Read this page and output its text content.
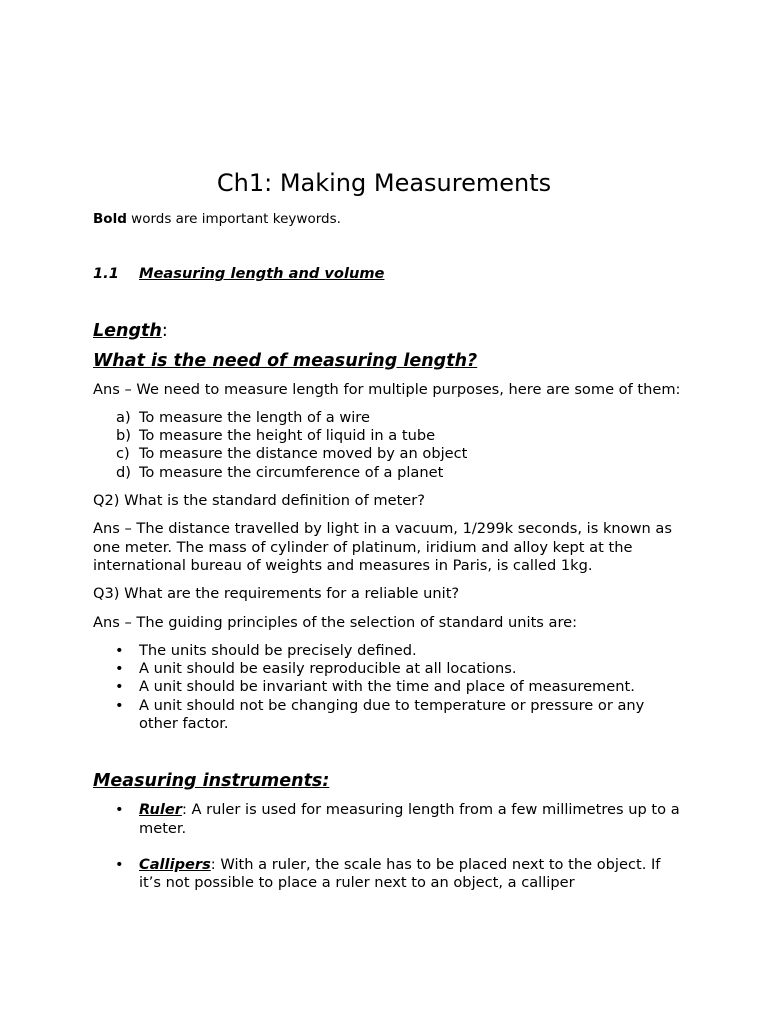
Ch1: Making Measurements
Bold words are important keywords.
1.1	Measuring length and volume
Length:
What is the need of measuring length?

Ans – We need to measure length for multiple purposes, here are some of them:

a) To measure the length of a wire
b) To measure the height of liquid in a tube
c) To measure the distance moved by an object
d) To measure the circumference of a planet

Q2) What is the standard definition of meter?

Ans – The distance travelled by light in a vacuum, 1/299k seconds, is known as one meter. The mass of cylinder of platinum, iridium and alloy kept at the international bureau of weights and measures in Paris, is called 1kg.

Q3) What are the requirements for a reliable unit?

Ans – The guiding principles of the selection of standard units are:

•	The units should be precisely defined.
•	A unit should be easily reproducible at all locations.
•	A unit should be invariant with the time and place of measurement.
•	A unit should not be changing due to temperature or pressure or any other factor.
Measuring instruments:
•	Ruler: A ruler is used for measuring length from a few millimetres up to a meter.
•	Callipers: With a ruler, the scale has to be placed next to the object. If it’s not possible to place a ruler next to an object, a calliper
